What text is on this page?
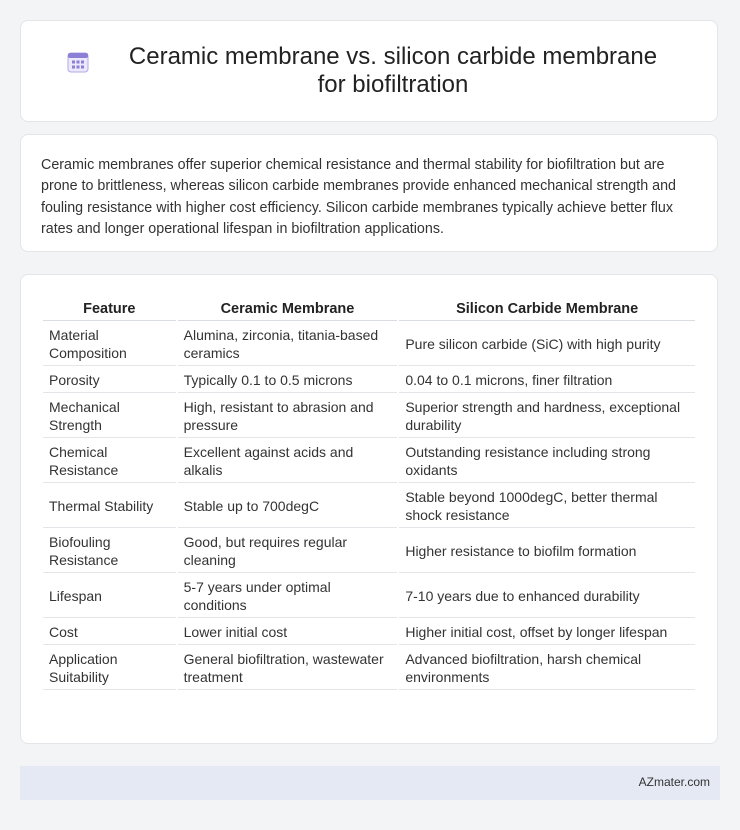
Ceramic membrane vs. silicon carbide membrane for biofiltration

Ceramic membranes offer superior chemical resistance and thermal stability for biofiltration but are prone to brittleness, whereas silicon carbide membranes provide enhanced mechanical strength and fouling resistance with higher cost efficiency. Silicon carbide membranes typically achieve better flux rates and longer operational lifespan in biofiltration applications.

Feature	Ceramic Membrane	Silicon Carbide Membrane
Material Composition	Alumina, zirconia, titania-based ceramics	Pure silicon carbide (SiC) with high purity
Porosity	Typically 0.1 to 0.5 microns	0.04 to 0.1 microns, finer filtration
Mechanical Strength	High, resistant to abrasion and pressure	Superior strength and hardness, exceptional durability
Chemical Resistance	Excellent against acids and alkalis	Outstanding resistance including strong oxidants
Thermal Stability	Stable up to 700degC	Stable beyond 1000degC, better thermal shock resistance
Biofouling Resistance	Good, but requires regular cleaning	Higher resistance to biofilm formation
Lifespan	5-7 years under optimal conditions	7-10 years due to enhanced durability
Cost	Lower initial cost	Higher initial cost, offset by longer lifespan
Application Suitability	General biofiltration, wastewater treatment	Advanced biofiltration, harsh chemical environments
AZmater.com
